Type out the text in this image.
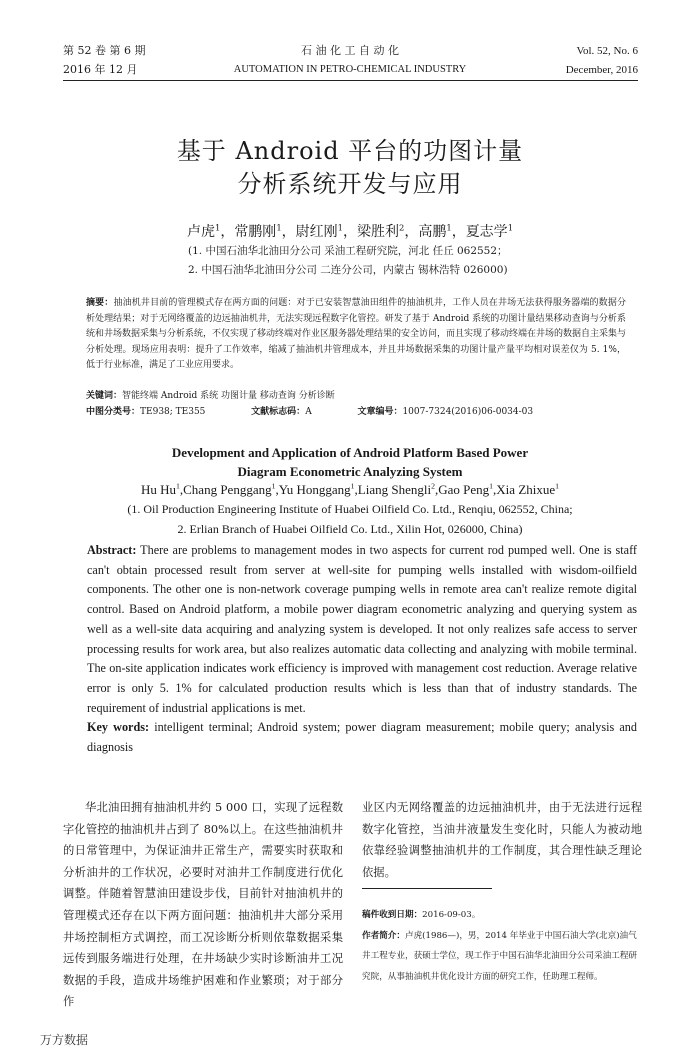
第 52 卷 第 6 期
2016 年 12 月
石 油 化 工 自 动 化
AUTOMATION IN PETRO-CHEMICAL INDUSTRY
Vol. 52, No. 6
December, 2016
基于 Android 平台的功图计量
分析系统开发与应用
卢虎$^1$，常鹏刚$^1$，尉红刚$^1$，梁胜利$^2$，高鹏$^1$，夏志学$^1$
(1. 中国石油华北油田分公司 采油工程研究院，河北 任丘 062552；
2. 中国石油华北油田分公司 二连分公司，内蒙古 锡林浩特 026000)
摘要：抽油机井目前的管理模式存在两方面的问题：对于已安装智慧油田组件的抽油机井，工作人员在井场无法获得服务器端的数据分析处理结果；对于无网络覆盖的边远抽油机井，无法实现远程数字化管控。研发了基于 Android 系统的功图计量结果移动查询与分析系统和井场数据采集与分析系统，不仅实现了移动终端对作业区服务器处理结果的安全访问，而且实现了移动终端在井场的数据自主采集与分析处理。现场应用表明：提升了工作效率，缩减了抽油机井管理成本，并且井场数据采集的功图计量产量平均相对误差仅为 5. 1%，低于行业标准，满足了工业应用要求。
关键词：智能终端 Android 系统 功图计量 移动查询 分析诊断
中图分类号：TE938; TE355	文献标志码：A	文章编号：1007-7324(2016)06-0034-03
Development and Application of Android Platform Based Power
Diagram Econometric Analyzing System
Hu Hu$^1$,Chang Penggang$^1$,Yu Honggang$^1$,Liang Shengli$^2$,Gao Peng$^1$,Xia Zhixue$^1$
(1. Oil Production Engineering Institute of Huabei Oilfield Co. Ltd., Renqiu, 062552, China;
2. Erlian Branch of Huabei Oilfield Co. Ltd., Xilin Hot, 026000, China)

Abstract: There are problems to management modes in two aspects for current rod pumped well. One is staff can't obtain processed result from server at well-site for pumping wells installed with wisdom-oilfield components. The other one is non-network coverage pumping wells in remote area can't realize remote digital control. Based on Android platform, a mobile power diagram econometric analyzing and querying system as well as a well-site data acquiring and analyzing system is developed. It not only realizes safe access to server processing results for work area, but also realizes automatic data collecting and analyzing with mobile terminal. The on-site application indicates work efficiency is improved with management cost reduction. Average relative error is only 5. 1% for calculated production results which is less than that of industry standards. The requirement of industrial applications is met.

Key words: intelligent terminal; Android system; power diagram measurement; mobile query; analysis and diagnosis

华北油田拥有抽油机井约 5 000 口，实现了远程数字化管控的抽油机井占到了 80%以上。在这些抽油机井的日常管理中，为保证油井正常生产，需要实时获取和分析油井的工作状况，必要时对油井工作制度进行优化调整。伴随着智慧油田建设步伐，目前针对抽油机井的管理模式还存在以下两方面问题：抽油机井大部分采用井场控制柜方式调控，而工况诊断分析则依靠数据采集远传到服务端进行处理，在井场缺少实时诊断油井工况数据的手段，造成井场维护困难和作业繁琐；对于部分作

业区内无网络覆盖的边远抽油机井，由于无法进行远程数字化管控，当油井液量发生变化时，只能人为被动地依靠经验调整抽油机井的工作制度，其合理性缺乏理论依据。

稿件收到日期：2016-09-03。

作者简介：卢虎(1986—)，男，2014 年毕业于中国石油大学(北京)油气井工程专业，获硕士学位，现工作于中国石油华北油田分公司采油工程研究院，从事抽油机井优化设计方面的研究工作，任助理工程师。

万方数据
